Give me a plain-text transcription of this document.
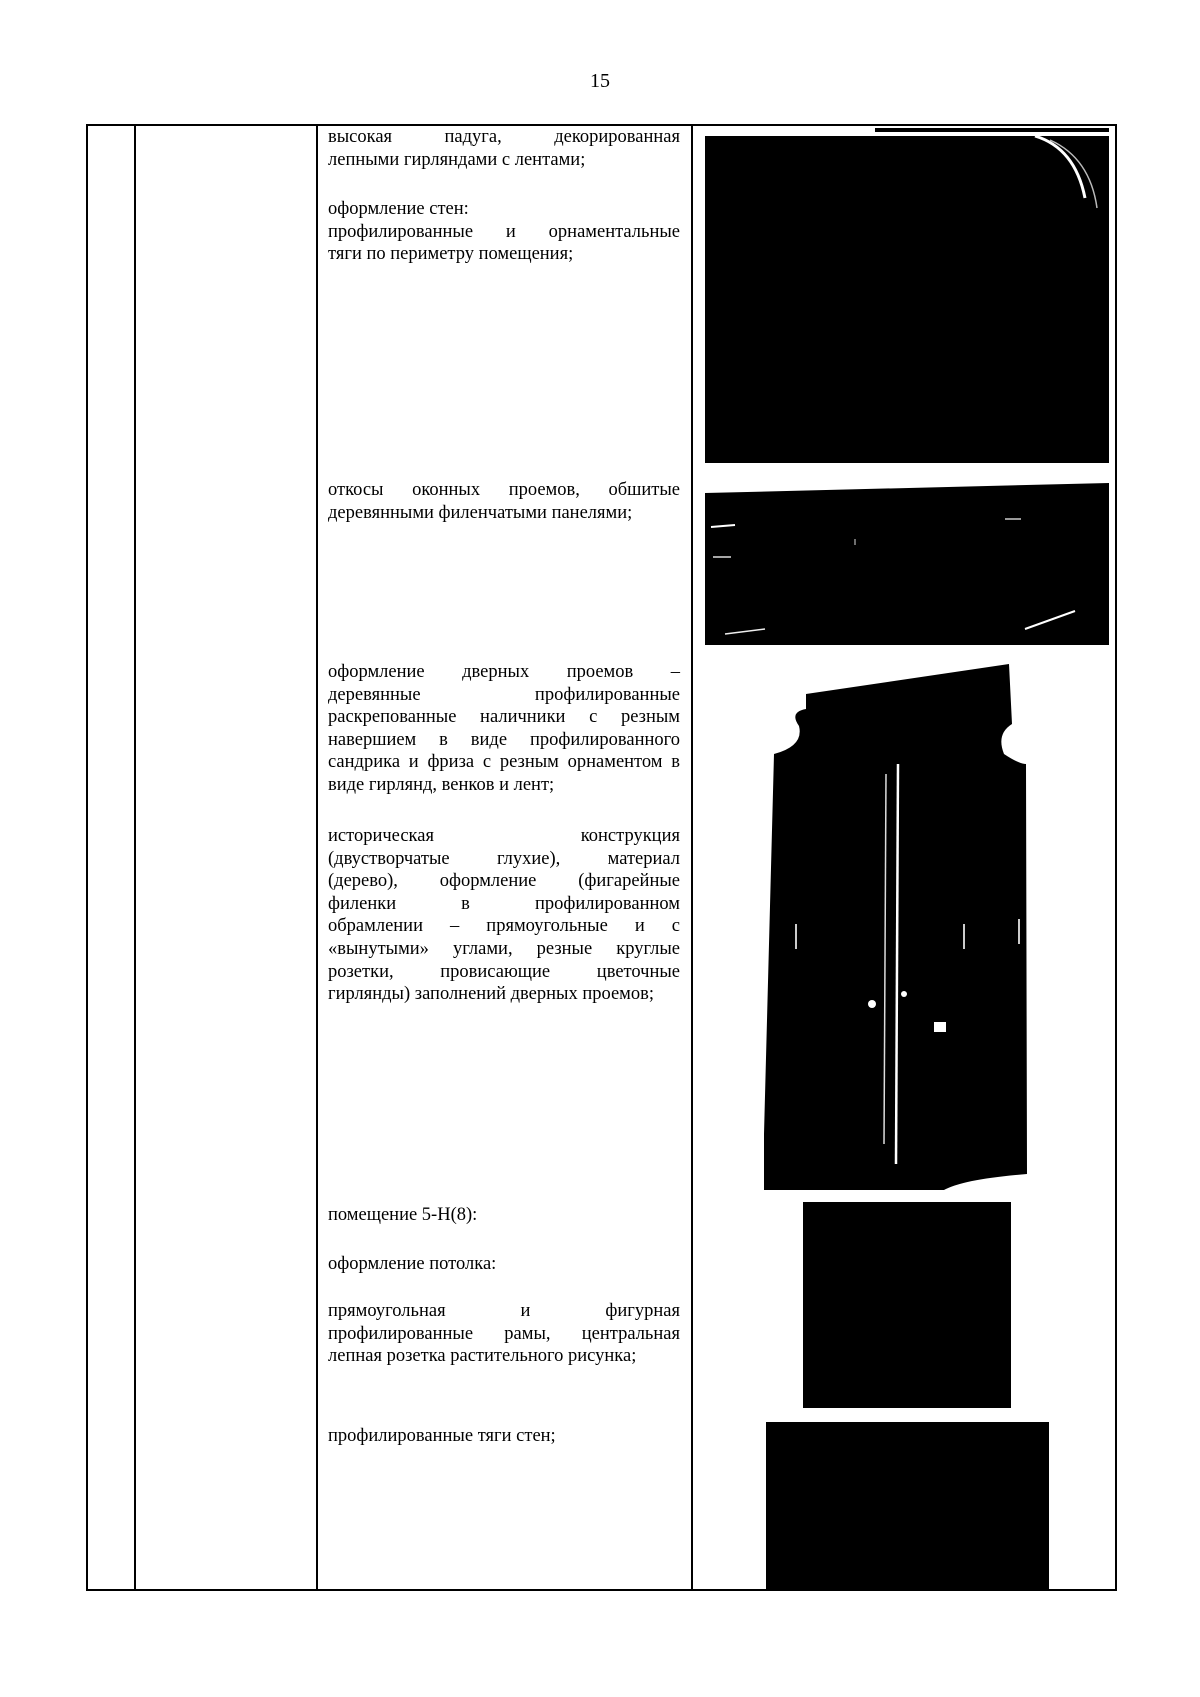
15

высокая падуга, декорированная

лепными гирляндами с лентами;

оформление стен:

профилированные и орнаментальные

тяги по периметру помещения;

откосы оконных проемов, обшитые

деревянными филенчатыми панелями;

оформление дверных проемов –

деревянные профилированные

раскрепованные наличники с резным

навершием в виде профилированного

сандрика и фриза с резным орнаментом в

виде гирлянд, венков и лент;

историческая конструкция

(двустворчатые глухие), материал

(дерево), оформление (фигарейные

филенки в профилированном

обрамлении – прямоугольные и с

«вынутыми» углами, резные круглые

розетки, провисающие цветочные

гирлянды) заполнений дверных проемов;

помещение 5-Н(8):

оформление потолка:

прямоугольная и фигурная

профилированные рамы, центральная

лепная розетка растительного рисунка;

профилированные тяги стен;
